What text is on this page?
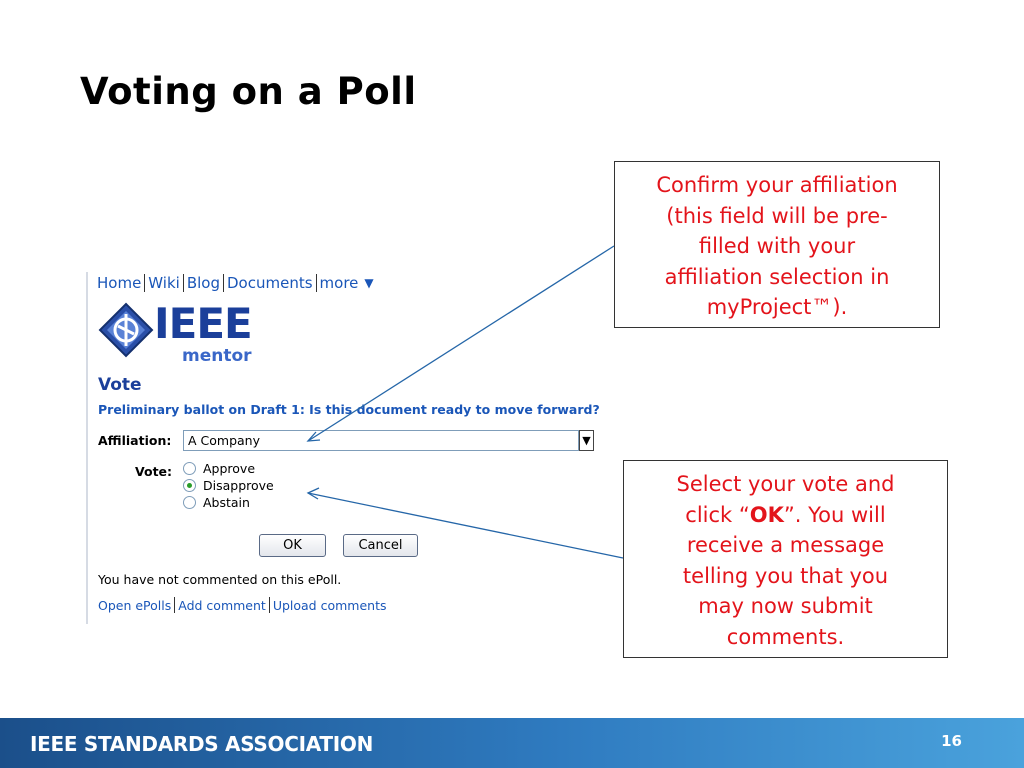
Voting on a Poll
Home Wiki Blog Documents more ▼
IEEE
mentor
Vote
Preliminary ballot on Draft 1: Is this document ready to move forward?
Affiliation:	A Company	▼
Vote: Approve
Disapprove
Abstain
OK	Cancel
You have not commented on this ePoll.
Open ePolls Add comment Upload comments
Confirm your affiliation
(this field will be pre-
filled with your
affiliation selection in
myProject™).
Select your vote and
click “OK”. You will
receive a message
telling you that you
may now submit
comments.
IEEE STANDARDS ASSOCIATION	16
